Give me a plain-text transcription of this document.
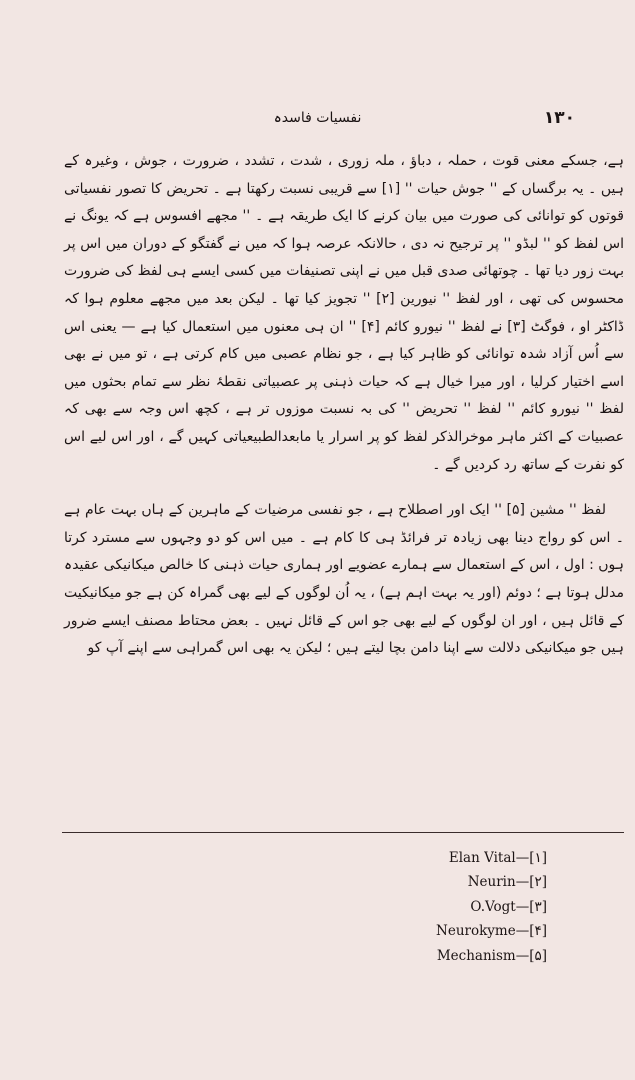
۱۳۰
نفسیات فاسدہ

ہے، جسکے معنی قوت ، حملہ ، دباؤ ، ملہ زوری ، شدت ، تشدد ، ضرورت ، جوش ، وغیرہ کے ہیں ۔ یہ برگساں کے '' جوش حیات '' [۱] سے قریبی نسبت رکھتا ہے ۔ تحریض کا تصور نفسیاتی قوتوں کو توانائی کی صورت میں بیان کرنے کا ایک طریقہ ہے ۔ '' مجھے افسوس ہے کہ یونگ نے اس لفظ کو '' لبڈو '' پر ترجیح نہ دی ، حالانکہ عرصہ ہوا کہ میں نے گفتگو کے دوران میں اس پر بہت زور دیا تھا ۔ چوتھائی صدی قبل میں نے اپنی تصنیفات میں کسی ایسے ہی لفظ کی ضرورت محسوس کی تھی ، اور لفظ '' نیورین [۲] '' تجویز کیا تھا ۔ لیکن بعد میں مجھے معلوم ہوا کہ ڈاکٹر او ، فوگٹ [۳] نے لفظ '' نیورو کائم [۴] '' ان ہی معنوں میں استعمال کیا ہے — یعنی اس سے اُس آزاد شدہ توانائی کو ظاہر کیا ہے ، جو نظام عصبی میں کام کرتی ہے ، تو میں نے بھی اسے اختیار کرلیا ، اور میرا خیال ہے کہ حیات ذہنی پر عصبیاتی نقطۂ نظر سے تمام بحثوں میں لفظ '' نیورو کائم '' لفظ '' تحریض '' کی بہ نسبت موزوں تر ہے ، کچھ اس وجہ سے بھی کہ عصبیات کے اکثر ماہر موخرالذکر لفظ کو پر اسرار یا مابعدالطبیعیاتی کہیں گے ، اور اس لیے اس کو نفرت کے ساتھ رد کردیں گے ۔

لفظ '' مشین [۵] '' ایک اور اصطلاح ہے ، جو نفسی مرضیات کے ماہرین کے ہاں بہت عام ہے ۔ اس کو رواج دینا بھی زیادہ تر فرائڈ ہی کا کام ہے ۔ میں اس کو دو وجہوں سے مسترد کرتا ہوں : اول ، اس کے استعمال سے ہمارے عضویے اور ہماری حیات ذہنی کا خالص میکانیکی عقیدہ مدلل ہوتا ہے ؛ دوئم (اور یہ بہت اہم ہے) ، یہ اُن لوگوں کے لیے بھی گمراہ کن ہے جو میکانیکیت کے قائل ہیں ، اور ان لوگوں کے لیے بھی جو اس کے قائل نہیں ۔ بعض محتاط مصنف ایسے ضرور ہیں جو میکانیکی دلالت سے اپنا دامن بچا لیتے ہیں ؛ لیکن یہ بھی اس گمراہی سے اپنے آپ کو

Elan Vital—[۱]
Neurin—[۲]
O.Vogt—[۳]
Neurokyme—[۴]
Mechanism—[۵]
